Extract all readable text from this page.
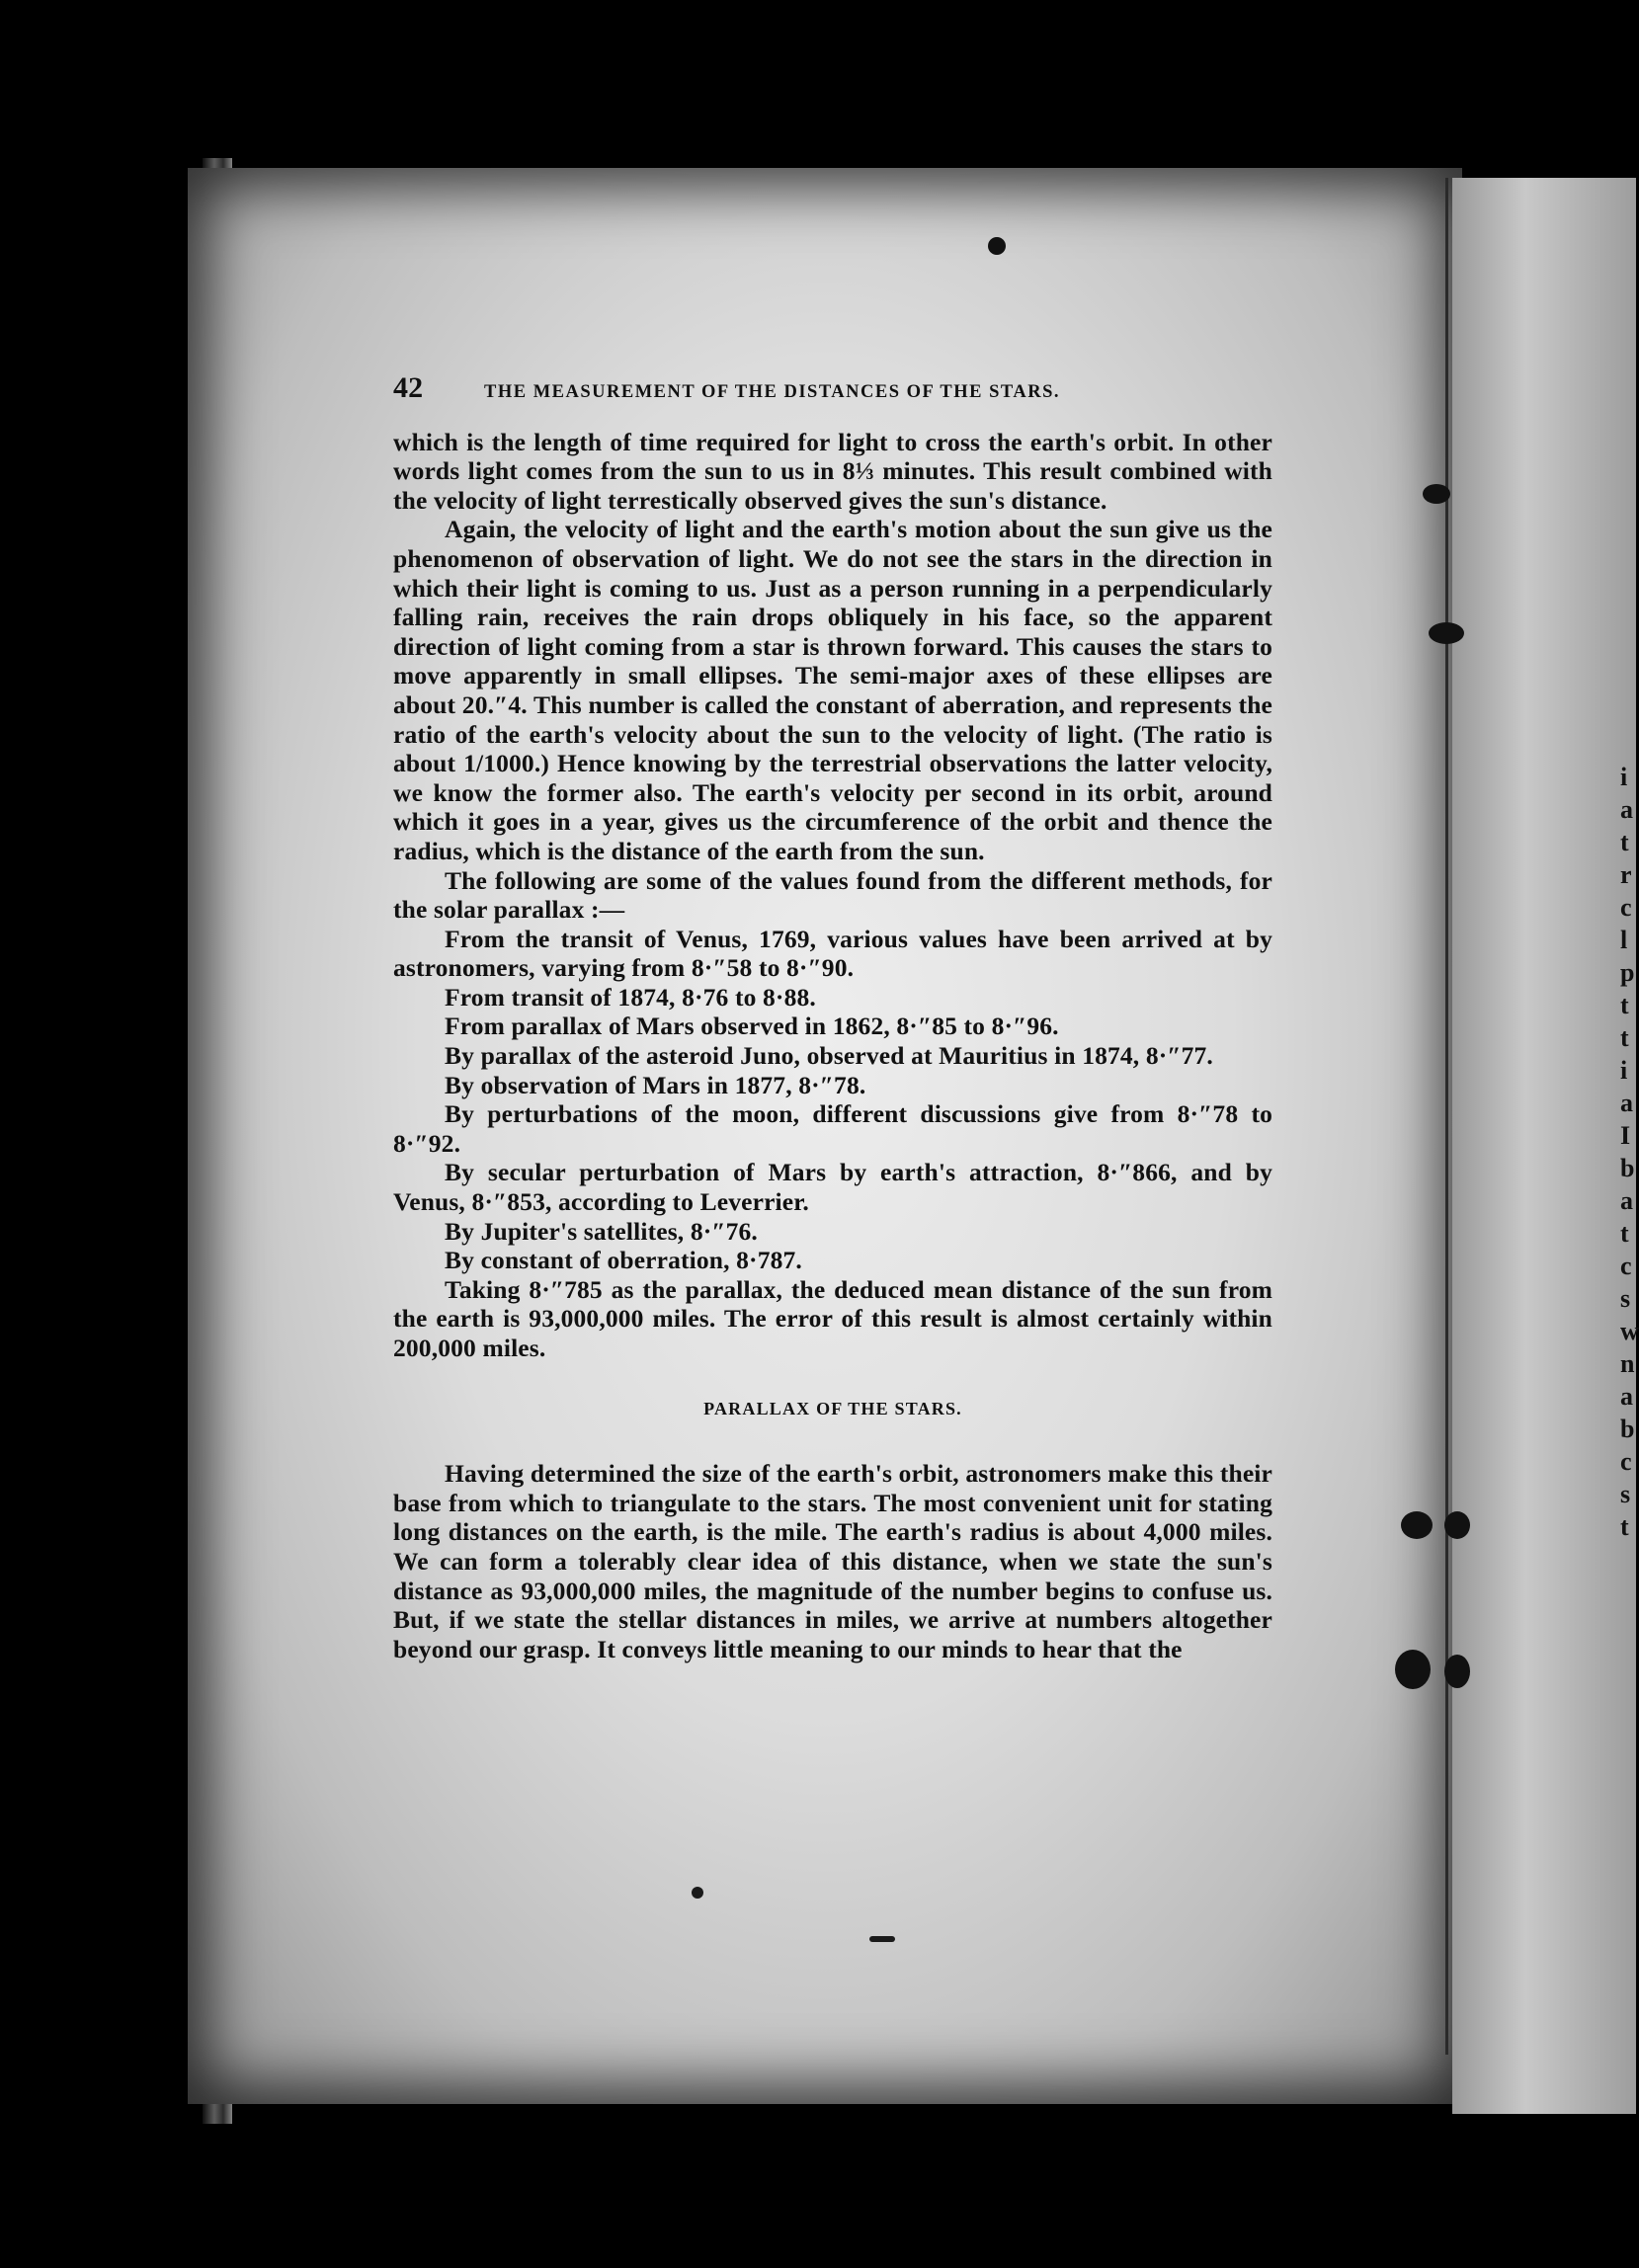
i a t r c l p t t i a I b a t c s w n a b c s t
42	THE MEASUREMENT OF THE DISTANCES OF THE STARS.

which is the length of time required for light to cross the earth's orbit. In other words light comes from the sun to us in 8⅓ minutes. This result combined with the velocity of light terrestically observed gives the sun's distance.

Again, the velocity of light and the earth's motion about the sun give us the phenomenon of observation of light. We do not see the stars in the direction in which their light is coming to us. Just as a person running in a perpendicularly falling rain, receives the rain drops obliquely in his face, so the apparent direction of light coming from a star is thrown forward. This causes the stars to move apparently in small ellipses. The semi-major axes of these ellipses are about 20.″4. This number is called the constant of aberration, and represents the ratio of the earth's velocity about the sun to the velocity of light. (The ratio is about 1/1000.) Hence knowing by the terrestrial observations the latter velocity, we know the former also. The earth's velocity per second in its orbit, around which it goes in a year, gives us the circumference of the orbit and thence the radius, which is the distance of the earth from the sun.

The following are some of the values found from the different methods, for the solar parallax :—

From the transit of Venus, 1769, various values have been arrived at by astronomers, varying from 8·″58 to 8·″90.

From transit of 1874, 8·76 to 8·88.

From parallax of Mars observed in 1862, 8·″85 to 8·″96.

By parallax of the asteroid Juno, observed at Mauritius in 1874, 8·″77.

By observation of Mars in 1877, 8·″78.

By perturbations of the moon, different discussions give from 8·″78 to 8·″92.

By secular perturbation of Mars by earth's attraction, 8·″866, and by Venus, 8·″853, according to Leverrier.

By Jupiter's satellites, 8·″76.

By constant of oberration, 8·787.

Taking 8·″785 as the parallax, the deduced mean distance of the sun from the earth is 93,000,000 miles. The error of this result is almost certainly within 200,000 miles.

PARALLAX OF THE STARS.

Having determined the size of the earth's orbit, astronomers make this their base from which to triangulate to the stars. The most convenient unit for stating long distances on the earth, is the mile. The earth's radius is about 4,000 miles. We can form a tolerably clear idea of this distance, when we state the sun's distance as 93,000,000 miles, the magnitude of the number begins to confuse us. But, if we state the stellar distances in miles, we arrive at numbers altogether beyond our grasp. It conveys little meaning to our minds to hear that the
